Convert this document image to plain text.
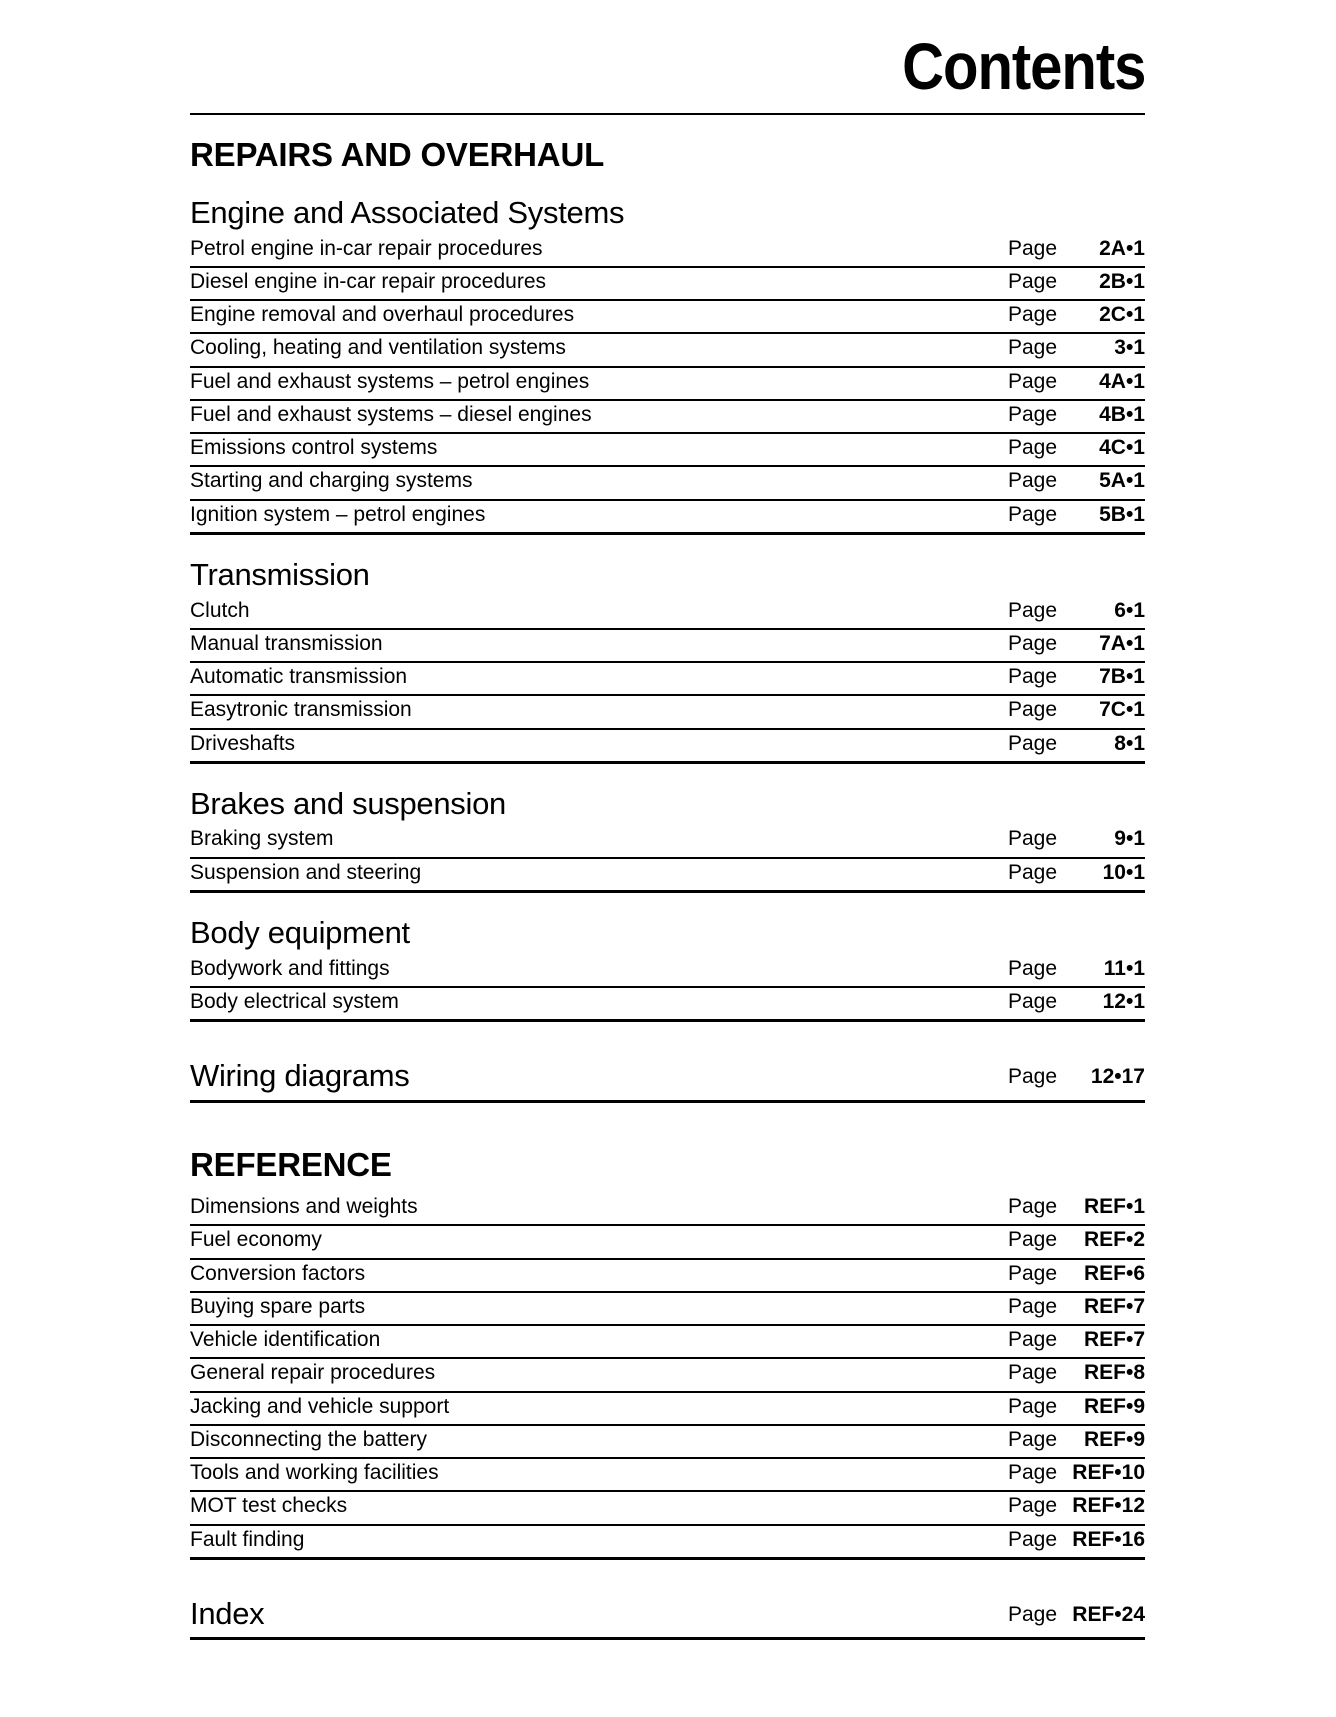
Contents
REPAIRS AND OVERHAUL
Engine and Associated Systems
Petrol engine in-car repair procedures	Page	2A•1
Diesel engine in-car repair procedures	Page	2B•1
Engine removal and overhaul procedures	Page	2C•1
Cooling, heating and ventilation systems	Page	3•1
Fuel and exhaust systems – petrol engines	Page	4A•1
Fuel and exhaust systems – diesel engines	Page	4B•1
Emissions control systems	Page	4C•1
Starting and charging systems	Page	5A•1
Ignition system – petrol engines	Page	5B•1
Transmission
Clutch	Page	6•1
Manual transmission	Page	7A•1
Automatic transmission	Page	7B•1
Easytronic transmission	Page	7C•1
Driveshafts	Page	8•1
Brakes and suspension
Braking system	Page	9•1
Suspension and steering	Page	10•1
Body equipment
Bodywork and fittings	Page	11•1
Body electrical system	Page	12•1
Wiring diagrams	Page	12•17
REFERENCE
Dimensions and weights	Page	REF•1
Fuel economy	Page	REF•2
Conversion factors	Page	REF•6
Buying spare parts	Page	REF•7
Vehicle identification	Page	REF•7
General repair procedures	Page	REF•8
Jacking and vehicle support	Page	REF•9
Disconnecting the battery	Page	REF•9
Tools and working facilities	Page REF•10
MOT test checks	Page REF•12
Fault finding	Page REF•16
Index	Page REF•24
